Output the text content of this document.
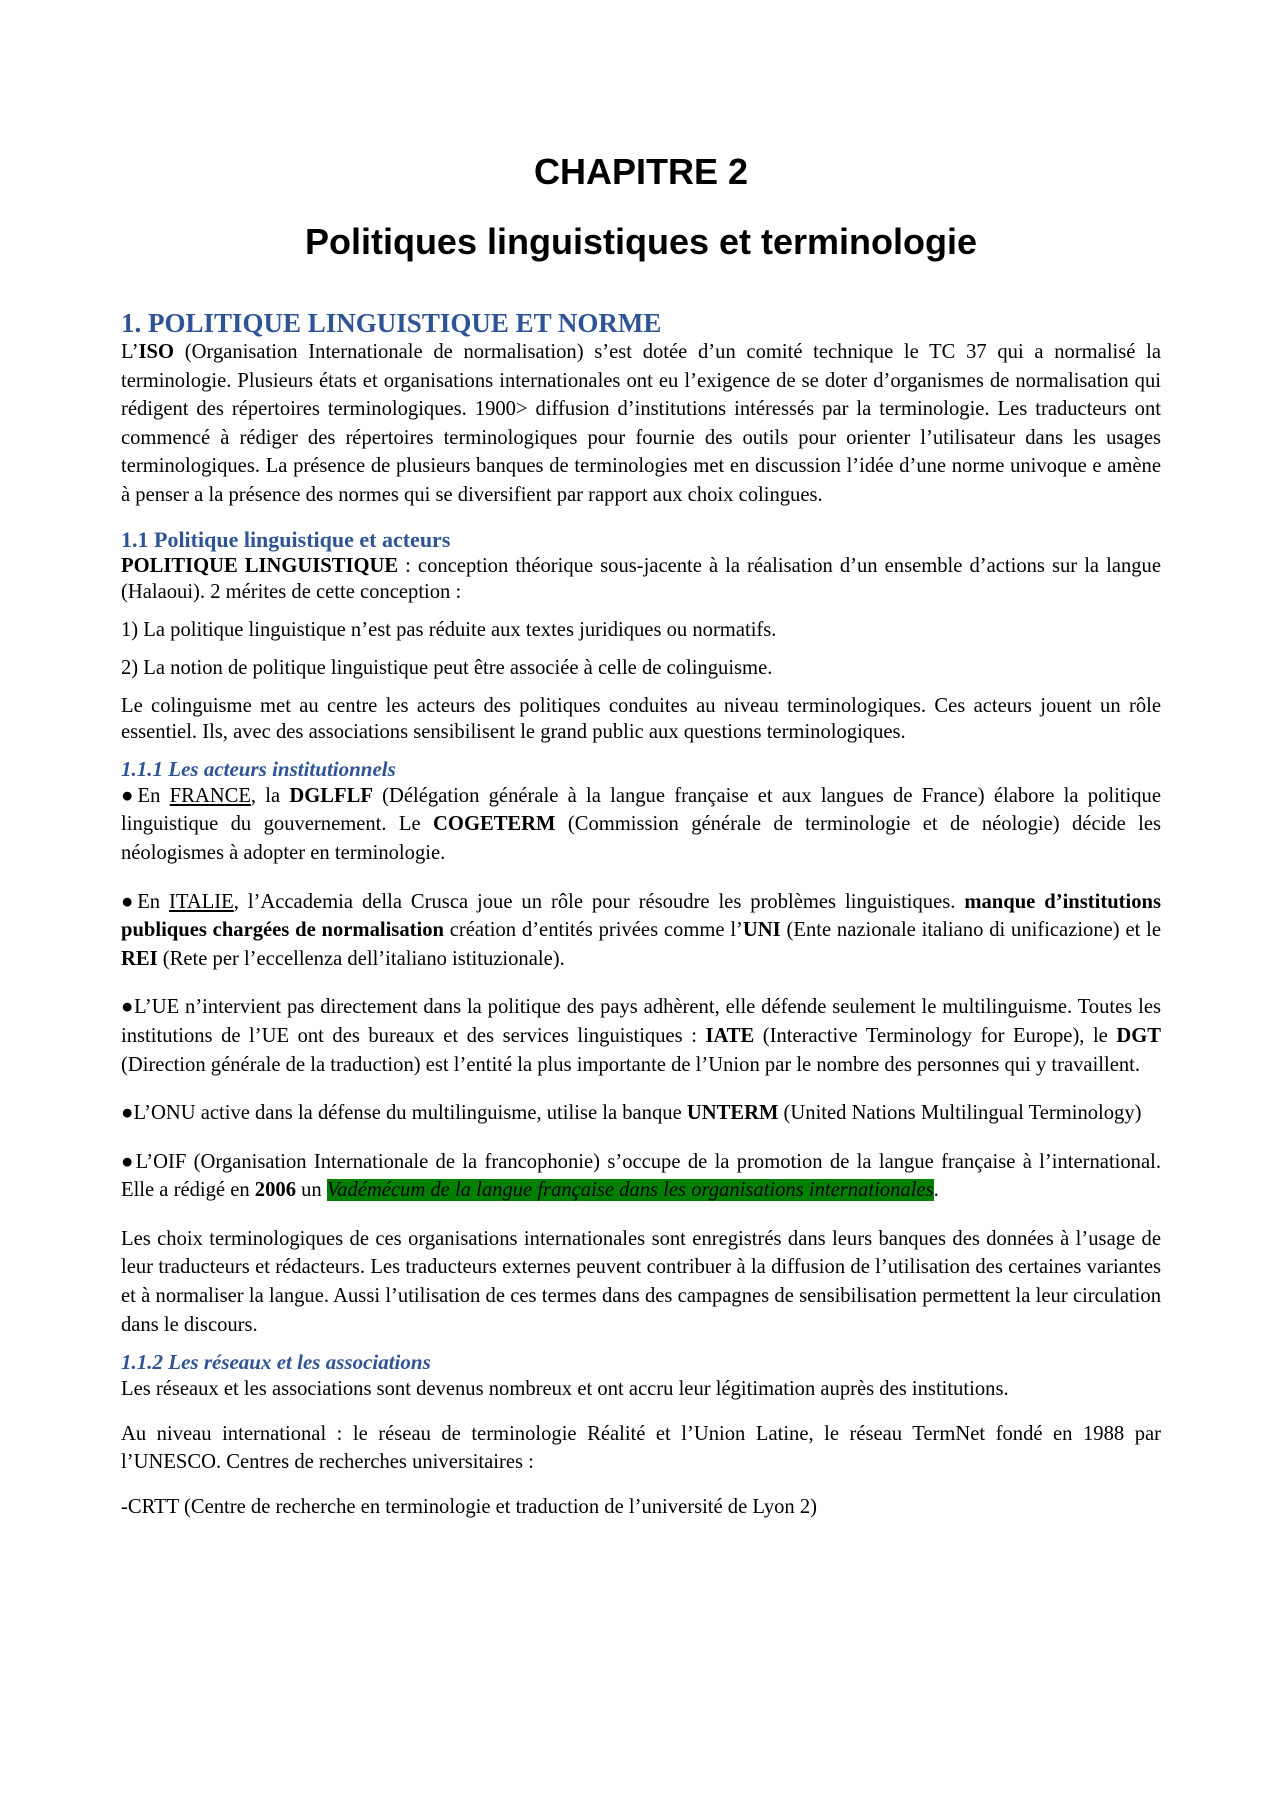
CHAPITRE 2
Politiques linguistiques et terminologie
1. POLITIQUE LINGUISTIQUE ET NORME

L’ISO (Organisation Internationale de normalisation) s’est dotée d’un comité technique le TC 37 qui a normalisé la terminologie. Plusieurs états et organisations internationales ont eu l’exigence de se doter d’organismes de normalisation qui rédigent des répertoires terminologiques. 1900> diffusion d’institutions intéressés par la terminologie. Les traducteurs ont commencé à rédiger des répertoires terminologiques pour fournie des outils pour orienter l’utilisateur dans les usages terminologiques. La présence de plusieurs banques de terminologies met en discussion l’idée d’une norme univoque e amène à penser a la présence des normes qui se diversifient par rapport aux choix colingues.

1.1 Politique linguistique et acteurs

POLITIQUE LINGUISTIQUE : conception théorique sous-jacente à la réalisation d’un ensemble d’actions sur la langue (Halaoui). 2 mérites de cette conception :

1) La politique linguistique n’est pas réduite aux textes juridiques ou normatifs.

2) La notion de politique linguistique peut être associée à celle de colinguisme.

Le colinguisme met au centre les acteurs des politiques conduites au niveau terminologiques. Ces acteurs jouent un rôle essentiel. Ils, avec des associations sensibilisent le grand public aux questions terminologiques.

1.1.1 Les acteurs institutionnels

●En FRANCE, la DGLFLF (Délégation générale à la langue française et aux langues de France) élabore la politique linguistique du gouvernement. Le COGETERM (Commission générale de terminologie et de néologie) décide les néologismes à adopter en terminologie.

●En ITALIE, l’Accademia della Crusca joue un rôle pour résoudre les problèmes linguistiques. manque d’institutions publiques chargées de normalisation création d’entités privées comme l’UNI (Ente nazionale italiano di unificazione) et le REI (Rete per l’eccellenza dell’italiano istituzionale).

●L’UE n’intervient pas directement dans la politique des pays adhèrent, elle défende seulement le multilinguisme. Toutes les institutions de l’UE ont des bureaux et des services linguistiques : IATE (Interactive Terminology for Europe), le DGT (Direction générale de la traduction) est l’entité la plus importante de l’Union par le nombre des personnes qui y travaillent.

●L’ONU active dans la défense du multilinguisme, utilise la banque UNTERM (United Nations Multilingual Terminology)

●L’OIF (Organisation Internationale de la francophonie) s’occupe de la promotion de la langue française à l’international. Elle a rédigé en 2006 un Vadémécum de la langue française dans les organisations internationales.

Les choix terminologiques de ces organisations internationales sont enregistrés dans leurs banques des données à l’usage de leur traducteurs et rédacteurs. Les traducteurs externes peuvent contribuer à la diffusion de l’utilisation des certaines variantes et à normaliser la langue. Aussi l’utilisation de ces termes dans des campagnes de sensibilisation permettent la leur circulation dans le discours.

1.1.2 Les réseaux et les associations

Les réseaux et les associations sont devenus nombreux et ont accru leur légitimation auprès des institutions.

Au niveau international : le réseau de terminologie Réalité et l’Union Latine, le réseau TermNet fondé en 1988 par l’UNESCO. Centres de recherches universitaires :

-CRTT (Centre de recherche en terminologie et traduction de l’université de Lyon 2)
